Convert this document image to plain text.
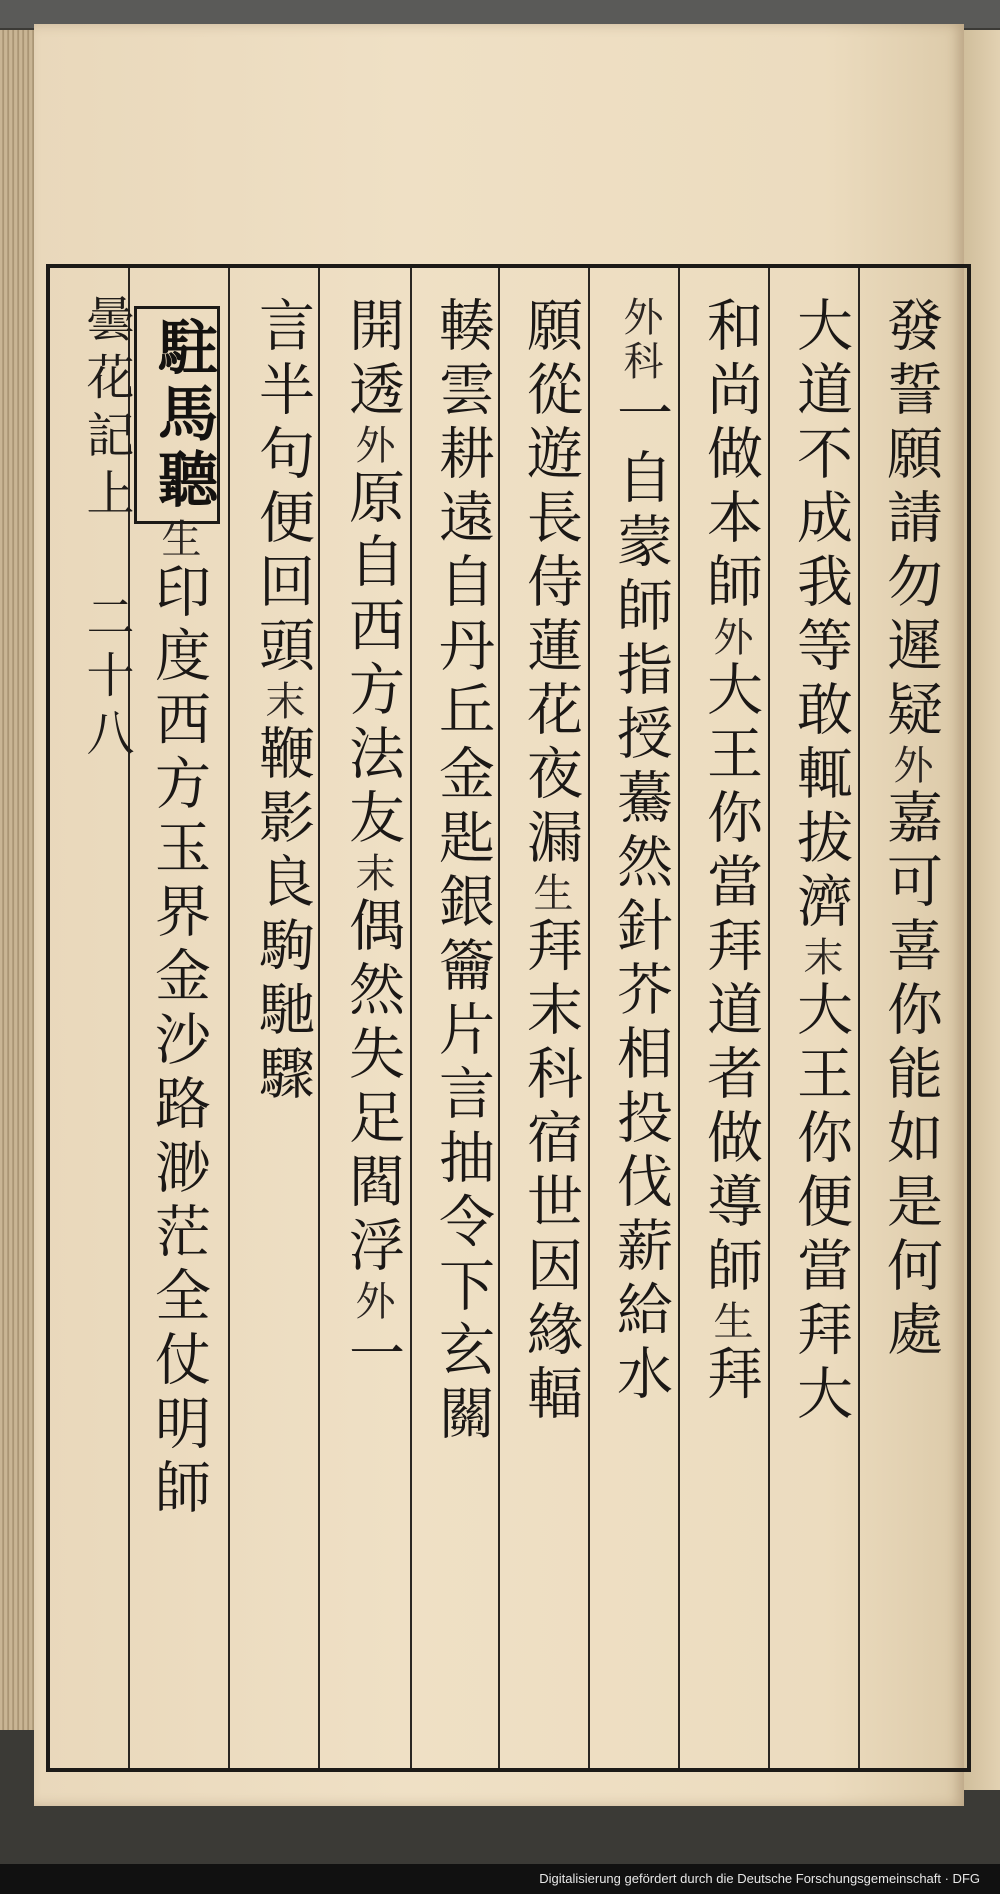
發誓願請勿遲疑外嘉可喜你能如是何處
大道不成我等敢輒拔濟末大王你便當拜大
和尚做本師外大王你當拜道者做導師生拜
外科一自蒙師指授驀然針芥相投伐薪給水
願從遊長侍蓮花夜漏生拜末科宿世因緣輻
輳雲耕遠自丹丘金匙銀籥片言抽令下玄關
開透外原自西方法友末偶然失足閻浮外一
言半句便回頭末鞭影良駒馳驟
生印度西方玉界金沙路渺茫全仗明師
駐馬聽
曇花記上 二十八
Digitalisierung gefördert durch die Deutsche Forschungsgemeinschaft · DFG
